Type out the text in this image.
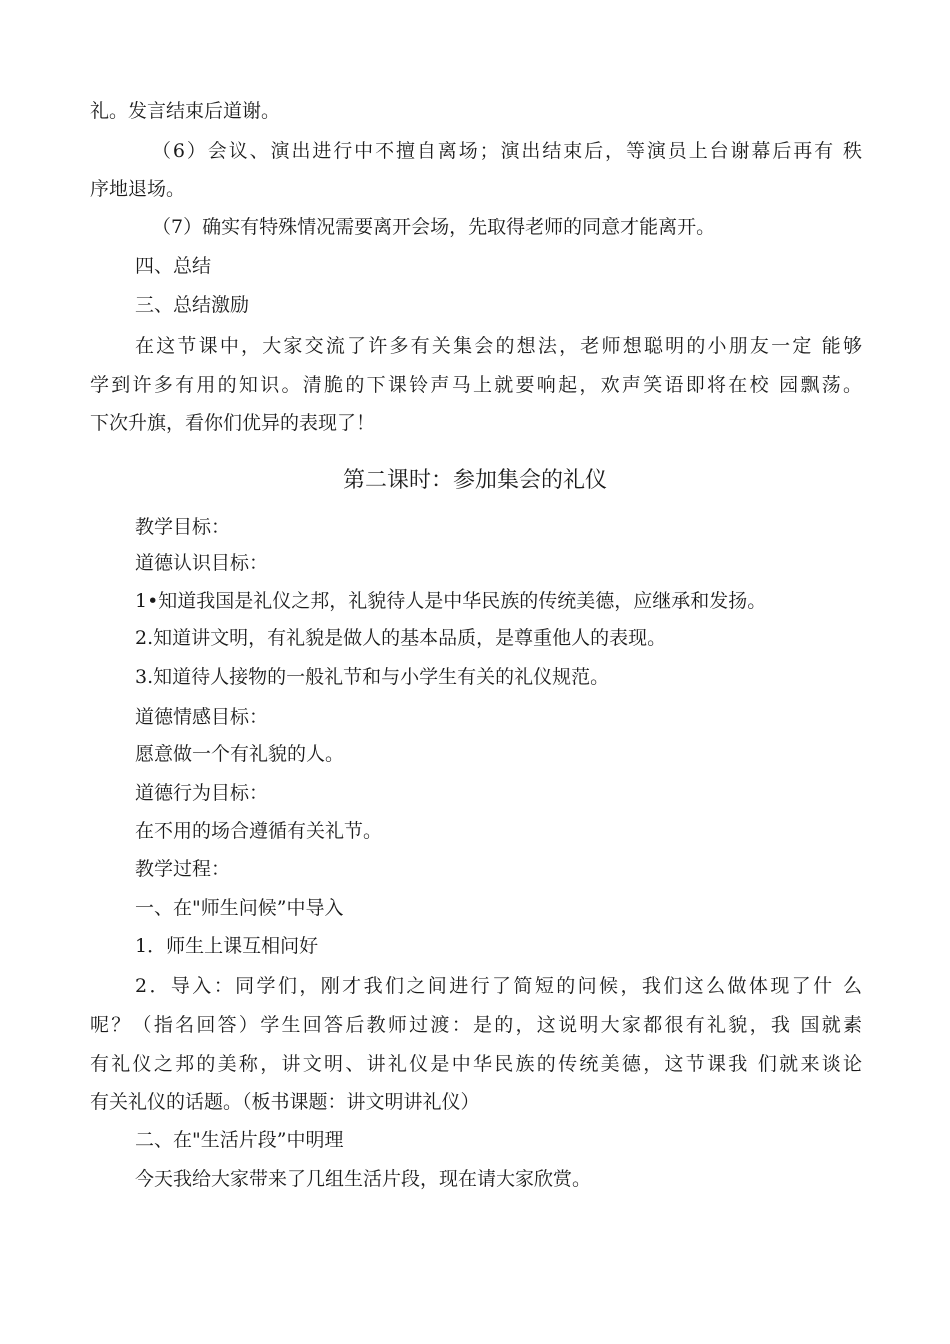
礼。发言结束后道谢。
（6）会议、演出进行中不擅自离场；演出结束后，等演员上台谢幕后再有 秩
序地退场。
（7）确实有特殊情况需要离开会场，先取得老师的同意才能离开。
四、总结
三、总结激励
在这节课中，大家交流了许多有关集会的想法，老师想聪明的小朋友一定 能够
学到许多有用的知识。清脆的下课铃声马上就要响起，欢声笑语即将在校 园飘荡。
下次升旗，看你们优异的表现了！
第二课时：参加集会的礼仪
教学目标：
道德认识目标：
1•知道我国是礼仪之邦，礼貌待人是中华民族的传统美德，应继承和发扬。
2.知道讲文明，有礼貌是做人的基本品质，是尊重他人的表现。
3.知道待人接物的一般礼节和与小学生有关的礼仪规范。
道德情感目标：
愿意做一个有礼貌的人。
道德行为目标：
在不用的场合遵循有关礼节。
教学过程：
一、在"师生问候”中导入
1．师生上课互相问好
2．导入：同学们，刚才我们之间进行了简短的问候，我们这么做体现了什 么
呢？（指名回答）学生回答后教师过渡：是的，这说明大家都很有礼貌，我 国就素
有礼仪之邦的美称，讲文明、讲礼仪是中华民族的传统美德，这节课我 们就来谈论
有关礼仪的话题。（板书课题：讲文明讲礼仪）
二、在"生活片段”中明理
今天我给大家带来了几组生活片段，现在请大家欣赏。
